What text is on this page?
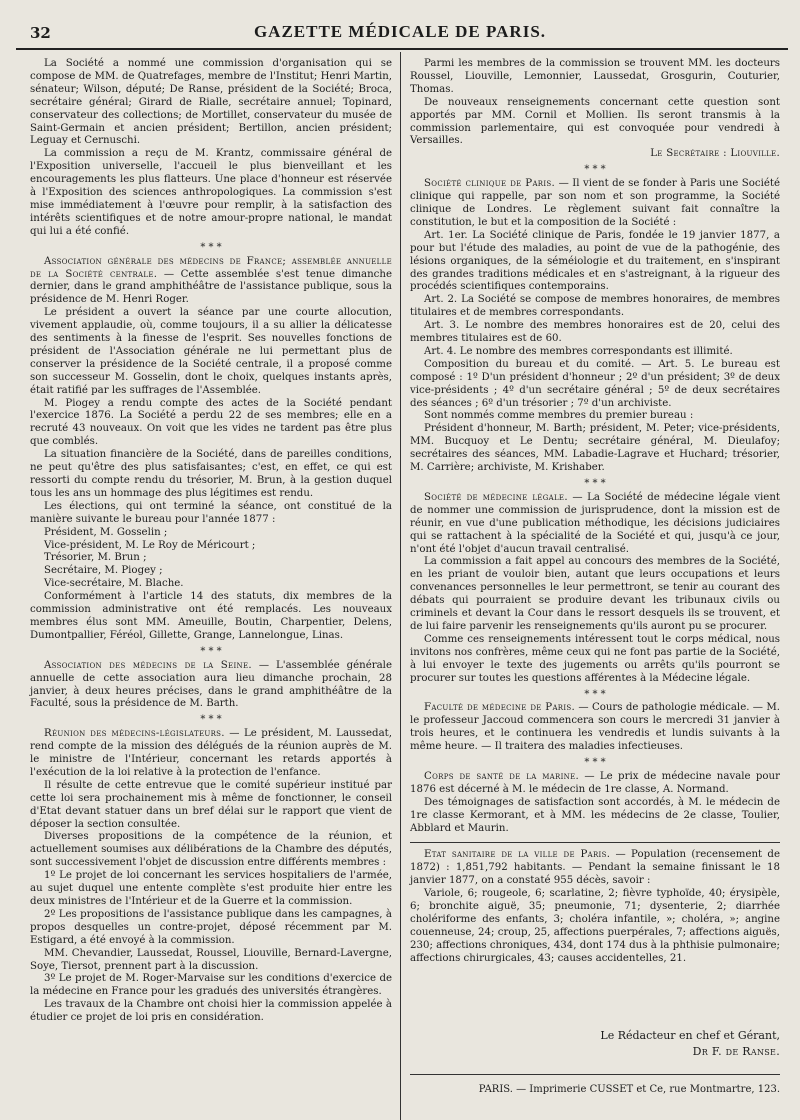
32	GAZETTE MÉDICALE DE PARIS.

La Société a nommé une commission d'organisation qui se compose de MM. de Quatrefages, membre de l'Institut; Henri Martin, sénateur; Wilson, député; De Ranse, président de la Société; Broca, secrétaire général; Girard de Rialle, secrétaire annuel; Topinard, conservateur des collections; de Mortillet, conservateur du musée de Saint-Germain et ancien président; Bertillon, ancien président; Leguay et Cernuschi.

La commission a reçu de M. Krantz, commissaire général de l'Exposition universelle, l'accueil le plus bienveillant et les encouragements les plus flatteurs. Une place d'honneur est réservée à l'Exposition des sciences anthropologiques. La commission s'est mise immédiatement à l'œuvre pour remplir, à la satisfaction des intérêts scientifiques et de notre amour-propre national, le mandat qui lui a été confié.

* * *

Association générale des médecins de France; assemblée annuelle de la Société centrale. — Cette assemblée s'est tenue dimanche dernier, dans le grand amphithéâtre de l'assistance publique, sous la présidence de M. Henri Roger.

Le président a ouvert la séance par une courte allocution, vivement applaudie, où, comme toujours, il a su allier la délicatesse des sentiments à la finesse de l'esprit. Ses nouvelles fonctions de président de l'Association générale ne lui permettant plus de conserver la présidence de la Société centrale, il a proposé comme son successeur M. Gosselin, dont le choix, quelques instants après, était ratifié par les suffrages de l'Assemblée.

M. Piogey a rendu compte des actes de la Société pendant l'exercice 1876. La Société a perdu 22 de ses membres; elle en a recruté 43 nouveaux. On voit que les vides ne tardent pas être plus que comblés.

La situation financière de la Société, dans de pareilles conditions, ne peut qu'être des plus satisfaisantes; c'est, en effet, ce qui est ressorti du compte rendu du trésorier, M. Brun, à la gestion duquel tous les ans un hommage des plus légitimes est rendu.

Les élections, qui ont terminé la séance, ont constitué de la manière suivante le bureau pour l'année 1877 :

Président, M. Gosselin ;

Vice-président, M. Le Roy de Méricourt ;

Trésorier, M. Brun ;

Secrétaire, M. Piogey ;

Vice-secrétaire, M. Blache.

Conformément à l'article 14 des statuts, dix membres de la commission administrative ont été remplacés. Les nouveaux membres élus sont MM. Ameuille, Boutin, Charpentier, Delens, Dumontpallier, Féréol, Gillette, Grange, Lannelongue, Linas.

* * *

Association des médecins de la Seine. — L'assemblée générale annuelle de cette association aura lieu dimanche prochain, 28 janvier, à deux heures précises, dans le grand amphithéâtre de la Faculté, sous la présidence de M. Barth.

* * *

Réunion des médecins-législateurs. — Le président, M. Laussedat, rend compte de la mission des délégués de la réunion auprès de M. le ministre de l'Intérieur, concernant les retards apportés à l'exécution de la loi relative à la protection de l'enfance.

Il résulte de cette entrevue que le comité supérieur institué par cette loi sera prochainement mis à même de fonctionner, le conseil d'Etat devant statuer dans un bref délai sur le rapport que vient de déposer la section consultée.

Diverses propositions de la compétence de la réunion, et actuellement soumises aux délibérations de la Chambre des députés, sont successivement l'objet de discussion entre différents membres :

1º Le projet de loi concernant les services hospitaliers de l'armée, au sujet duquel une entente complète s'est produite hier entre les deux ministres de l'Intérieur et de la Guerre et la commission.

2º Les propositions de l'assistance publique dans les campagnes, à propos desquelles un contre-projet, déposé récemment par M. Estigard, a été envoyé à la commission.

MM. Chevandier, Laussedat, Roussel, Liouville, Bernard-Lavergne, Soye, Tiersot, prennent part à la discussion.

3º Le projet de M. Roger-Marvaise sur les conditions d'exercice de la médecine en France pour les gradués des universités étrangères.

Les travaux de la Chambre ont choisi hier la commission appelée à étudier ce projet de loi pris en considération.

Parmi les membres de la commission se trouvent MM. les docteurs Roussel, Liouville, Lemonnier, Laussedat, Grosgurin, Couturier, Thomas.

De nouveaux renseignements concernant cette question sont apportés par MM. Cornil et Mollien. Ils seront transmis à la commission parlementaire, qui est convoquée pour vendredi à Versailles.

Le Secrétaire : Liouville.

* * *

Société clinique de Paris. — Il vient de se fonder à Paris une Société clinique qui rappelle, par son nom et son programme, la Société clinique de Londres. Le règlement suivant fait connaître la constitution, le but et la composition de la Société :

Art. 1er. La Société clinique de Paris, fondée le 19 janvier 1877, a pour but l'étude des maladies, au point de vue de la pathogénie, des lésions organiques, de la séméiologie et du traitement, en s'inspirant des grandes traditions médicales et en s'astreignant, à la rigueur des procédés scientifiques contemporains.

Art. 2. La Société se compose de membres honoraires, de membres titulaires et de membres correspondants.

Art. 3. Le nombre des membres honoraires est de 20, celui des membres titulaires est de 60.

Art. 4. Le nombre des membres correspondants est illimité.

Composition du bureau et du comité. — Art. 5. Le bureau est composé : 1º D'un président d'honneur ; 2º d'un président; 3º de deux vice-présidents ; 4º d'un secrétaire général ; 5º de deux secrétaires des séances ; 6º d'un trésorier ; 7º d'un archiviste.

Sont nommés comme membres du premier bureau :

Président d'honneur, M. Barth; président, M. Peter; vice-présidents, MM. Bucquoy et Le Dentu; secrétaire général, M. Dieulafoy; secrétaires des séances, MM. Labadie-Lagrave et Huchard; trésorier, M. Carrière; archiviste, M. Krishaber.

* * *

Société de médecine légale. — La Société de médecine légale vient de nommer une commission de jurisprudence, dont la mission est de réunir, en vue d'une publication méthodique, les décisions judiciaires qui se rattachent à la spécialité de la Société et qui, jusqu'à ce jour, n'ont été l'objet d'aucun travail centralisé.

La commission a fait appel au concours des membres de la Société, en les priant de vouloir bien, autant que leurs occupations et leurs convenances personnelles le leur permettront, se tenir au courant des débats qui pourraient se produire devant les tribunaux civils ou criminels et devant la Cour dans le ressort desquels ils se trouvent, et de lui faire parvenir les renseignements qu'ils auront pu se procurer.

Comme ces renseignements intéressent tout le corps médical, nous invitons nos confrères, même ceux qui ne font pas partie de la Société, à lui envoyer le texte des jugements ou arrêts qu'ils pourront se procurer sur toutes les questions afférentes à la Médecine légale.

* * *

Faculté de médecine de Paris. — Cours de pathologie médicale. — M. le professeur Jaccoud commencera son cours le mercredi 31 janvier à trois heures, et le continuera les vendredis et lundis suivants à la même heure. — Il traitera des maladies infectieuses.

* * *

Corps de santé de la marine. — Le prix de médecine navale pour 1876 est décerné à M. le médecin de 1re classe, A. Normand.

Des témoignages de satisfaction sont accordés, à M. le médecin de 1re classe Kermorant, et à MM. les médecins de 2e classe, Toulier, Abblard et Maurin.

Etat sanitaire de la ville de Paris. — Population (recensement de 1872) : 1,851,792 habitants. — Pendant la semaine finissant le 18 janvier 1877, on a constaté 955 décès, savoir :

Variole, 6; rougeole, 6; scarlatine, 2; fièvre typhoïde, 40; érysipèle, 6; bronchite aiguë, 35; pneumonie, 71; dysenterie, 2; diarrhée cholériforme des enfants, 3; choléra infantile, »; choléra, »; angine couenneuse, 24; croup, 25, affections puerpérales, 7; affections aiguës, 230; affections chroniques, 434, dont 174 dus à la phthisie pulmonaire; affections chirurgicales, 43; causes accidentelles, 21.

Le Rédacteur en chef et Gérant,
Dr F. de Ranse.
PARIS. — Imprimerie CUSSET et Ce, rue Montmartre, 123.
